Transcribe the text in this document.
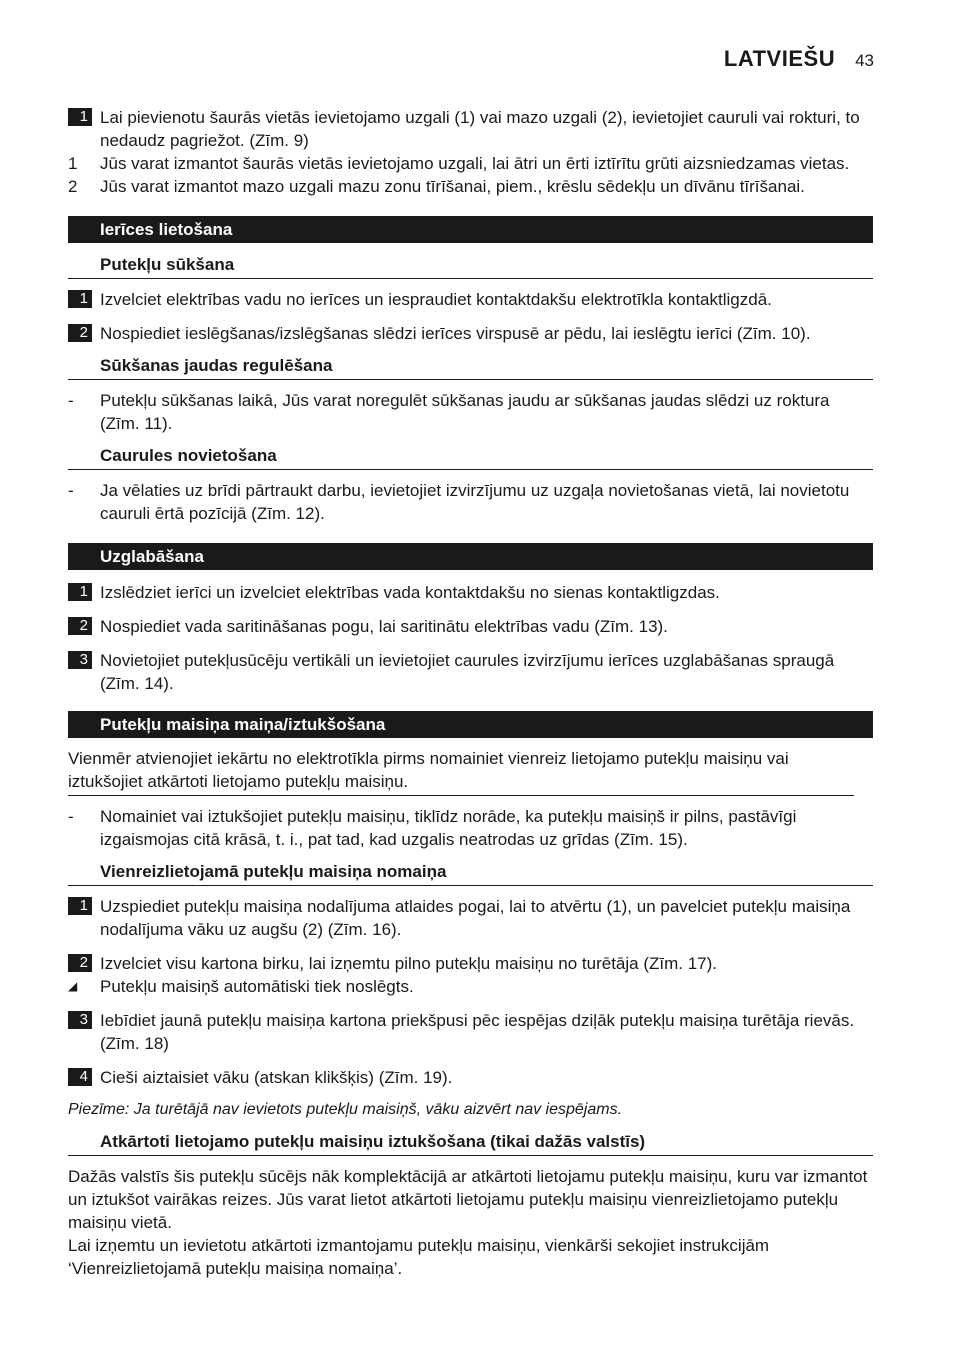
LATVIEŠU 43
1 Lai pievienotu šaurās vietās ievietojamo uzgali (1) vai mazo uzgali (2), ievietojiet cauruli vai rokturi, to nedaudz pagriežot. (Zīm. 9)
1	Jūs varat izmantot šaurās vietās ievietojamo uzgali, lai ātri un ērti iztīrītu grūti aizsniedzamas vietas.
2	Jūs varat izmantot mazo uzgali mazu zonu tīrīšanai, piem., krēslu sēdekļu un dīvānu tīrīšanai.
Ierīces lietošana
Putekļu sūkšana
1 Izvelciet elektrības vadu no ierīces un iespraudiet kontaktdakšu elektrotīkla kontaktligzdā.
2 Nospiediet ieslēgšanas/izslēgšanas slēdzi ierīces virspusē ar pēdu, lai ieslēgtu ierīci (Zīm. 10).
Sūkšanas jaudas regulēšana
- Putekļu sūkšanas laikā, Jūs varat noregulēt sūkšanas jaudu ar sūkšanas jaudas slēdzi uz roktura (Zīm. 11).
Caurules novietošana
- Ja vēlaties uz brīdi pārtraukt darbu, ievietojiet izvirzījumu uz uzgaļa novietošanas vietā, lai novietotu cauruli ērtā pozīcijā (Zīm. 12).
Uzglabāšana
1 Izslēdziet ierīci un izvelciet elektrības vada kontaktdakšu no sienas kontaktligzdas.
2 Nospiediet vada saritināšanas pogu, lai saritinātu elektrības vadu (Zīm. 13).
3 Novietojiet putekļusūcēju vertikāli un ievietojiet caurules izvirzījumu ierīces uzglabāšanas spraugā (Zīm. 14).
Putekļu maisiņa maiņa/iztukšošana
Vienmēr atvienojiet iekārtu no elektrotīkla pirms nomainiet vienreiz lietojamo putekļu maisiņu vai iztukšojiet atkārtoti lietojamo putekļu maisiņu.
- Nomainiet vai iztukšojiet putekļu maisiņu, tiklīdz norāde, ka putekļu maisiņš ir pilns, pastāvīgi izgaismojas citā krāsā, t. i., pat tad, kad uzgalis neatrodas uz grīdas (Zīm. 15).
Vienreizlietojamā putekļu maisiņa nomaiņa
1 Uzspiediet putekļu maisiņa nodalījuma atlaides pogai, lai to atvērtu (1), un pavelciet putekļu maisiņa nodalījuma vāku uz augšu (2) (Zīm. 16).
2 Izvelciet visu kartona birku, lai izņemtu pilno putekļu maisiņu no turētāja (Zīm. 17).
◢ Putekļu maisiņš automātiski tiek noslēgts.
3 Iebīdiet jaunā putekļu maisiņa kartona priekšpusi pēc iespējas dziļāk putekļu maisiņa turētāja rievās. (Zīm. 18)
4 Cieši aiztaisiet vāku (atskan klikšķis) (Zīm. 19).
Piezīme: Ja turētājā nav ievietots putekļu maisiņš, vāku aizvērt nav iespējams.
Atkārtoti lietojamo putekļu maisiņu iztukšošana (tikai dažās valstīs)
Dažās valstīs šis putekļu sūcējs nāk komplektācijā ar atkārtoti lietojamu putekļu maisiņu, kuru var izmantot un iztukšot vairākas reizes. Jūs varat lietot atkārtoti lietojamu putekļu maisiņu vienreizlietojamo putekļu maisiņu vietā.
Lai izņemtu un ievietotu atkārtoti izmantojamu putekļu maisiņu, vienkārši sekojiet instrukcijām ‘Vienreizlietojamā putekļu maisiņa nomaiņa’.
